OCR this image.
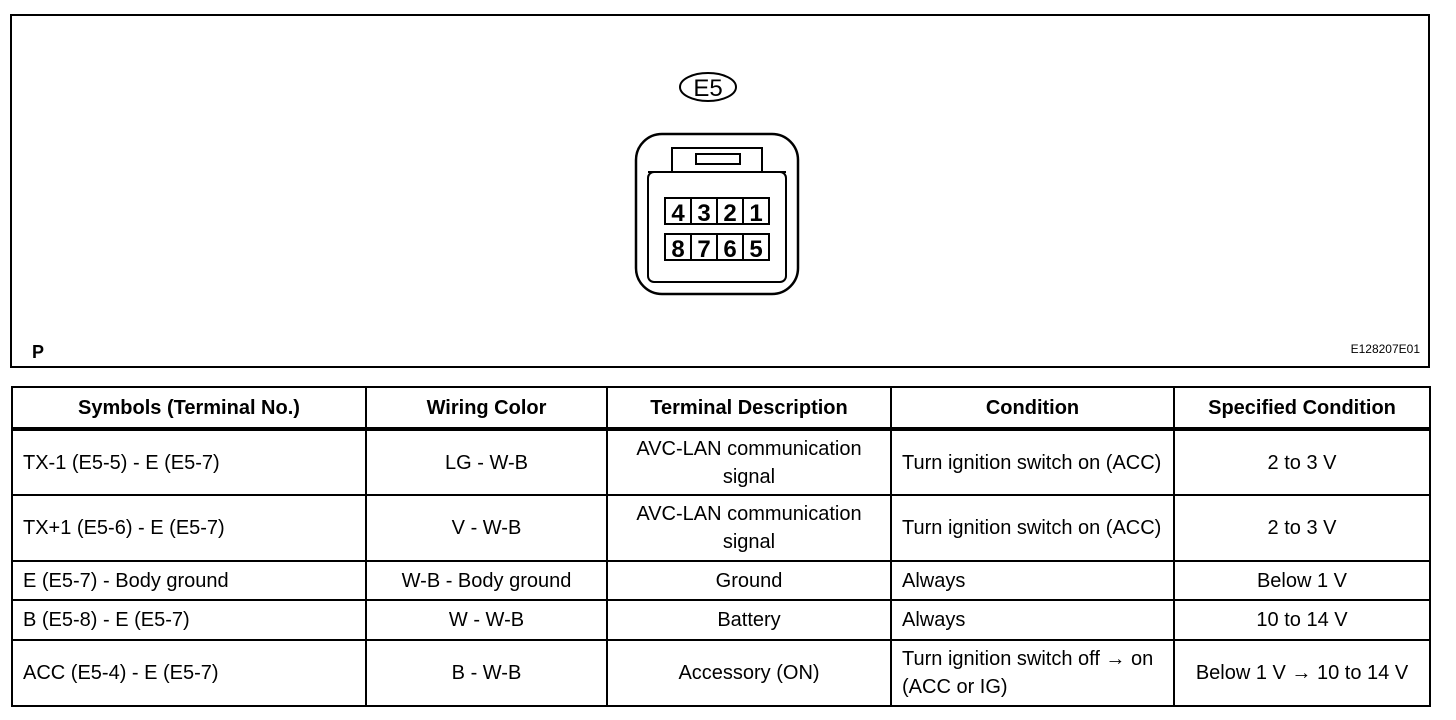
E5
4 3 2 1
8 7 6 5
P	E128207E01
Symbols (Terminal No.)	Wiring Color	Terminal Description	Condition	Specified Condition
TX-1 (E5-5) - E (E5-7)	LG - W-B	AVC-LAN communication signal	Turn ignition switch on (ACC)	2 to 3 V
TX+1 (E5-6) - E (E5-7)	V - W-B	AVC-LAN communication signal	Turn ignition switch on (ACC)	2 to 3 V
E (E5-7) - Body ground	W-B - Body ground	Ground	Always	Below 1 V
B (E5-8) - E (E5-7)	W - W-B	Battery	Always	10 to 14 V
ACC (E5-4) - E (E5-7)	B - W-B	Accessory (ON)	Turn ignition switch off → on (ACC or IG)	Below 1 V → 10 to 14 V
